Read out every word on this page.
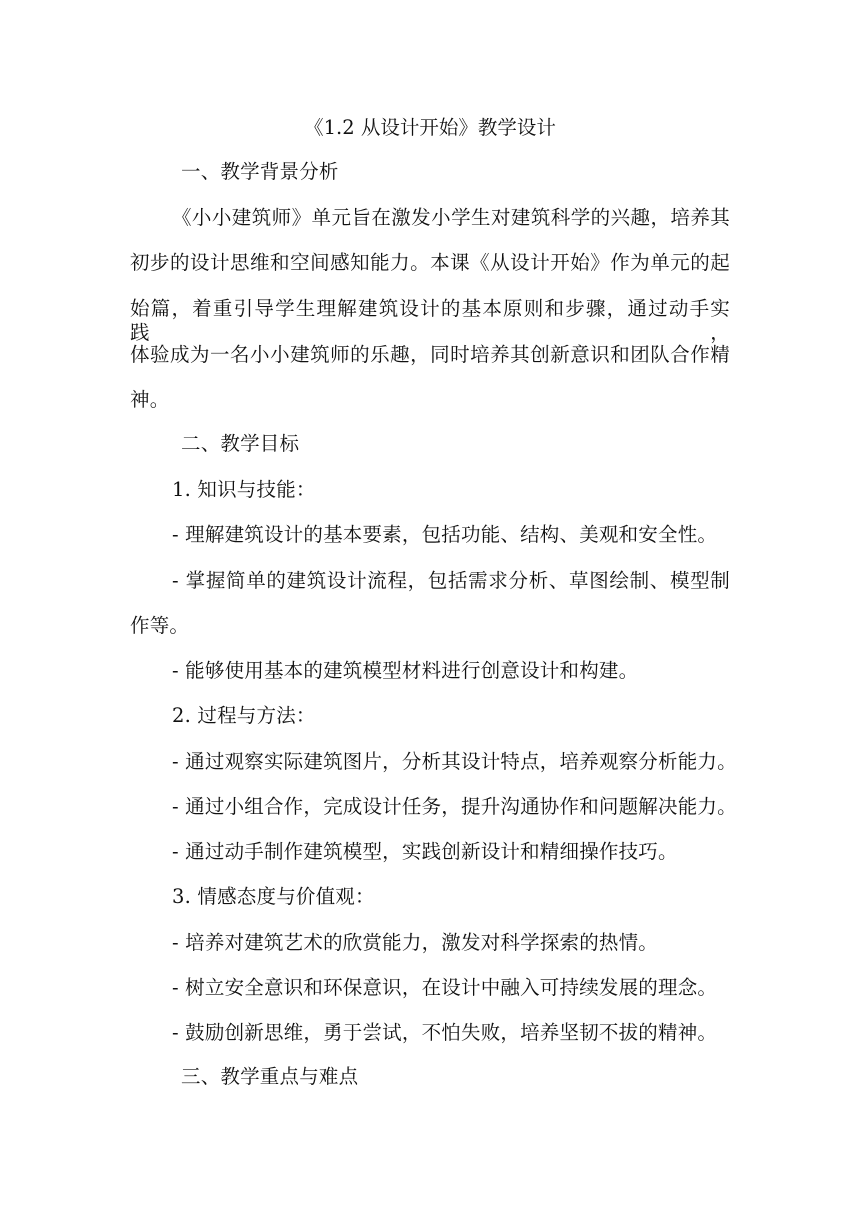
《1.2 从设计开始》教学设计
一、教学背景分析
《小小建筑师》单元旨在激发小学生对建筑科学的兴趣，培养其
初步的设计思维和空间感知能力。本课《从设计开始》作为单元的起
始篇，着重引导学生理解建筑设计的基本原则和步骤，通过动手实践，
体验成为一名小小建筑师的乐趣，同时培养其创新意识和团队合作精
神。
二、教学目标
1. 知识与技能：
- 理解建筑设计的基本要素，包括功能、结构、美观和安全性。
- 掌握简单的建筑设计流程，包括需求分析、草图绘制、模型制
作等。
- 能够使用基本的建筑模型材料进行创意设计和构建。
2. 过程与方法：
- 通过观察实际建筑图片，分析其设计特点，培养观察分析能力。
- 通过小组合作，完成设计任务，提升沟通协作和问题解决能力。
- 通过动手制作建筑模型，实践创新设计和精细操作技巧。
3. 情感态度与价值观：
- 培养对建筑艺术的欣赏能力，激发对科学探索的热情。
- 树立安全意识和环保意识，在设计中融入可持续发展的理念。
- 鼓励创新思维，勇于尝试，不怕失败，培养坚韧不拔的精神。
三、教学重点与难点
